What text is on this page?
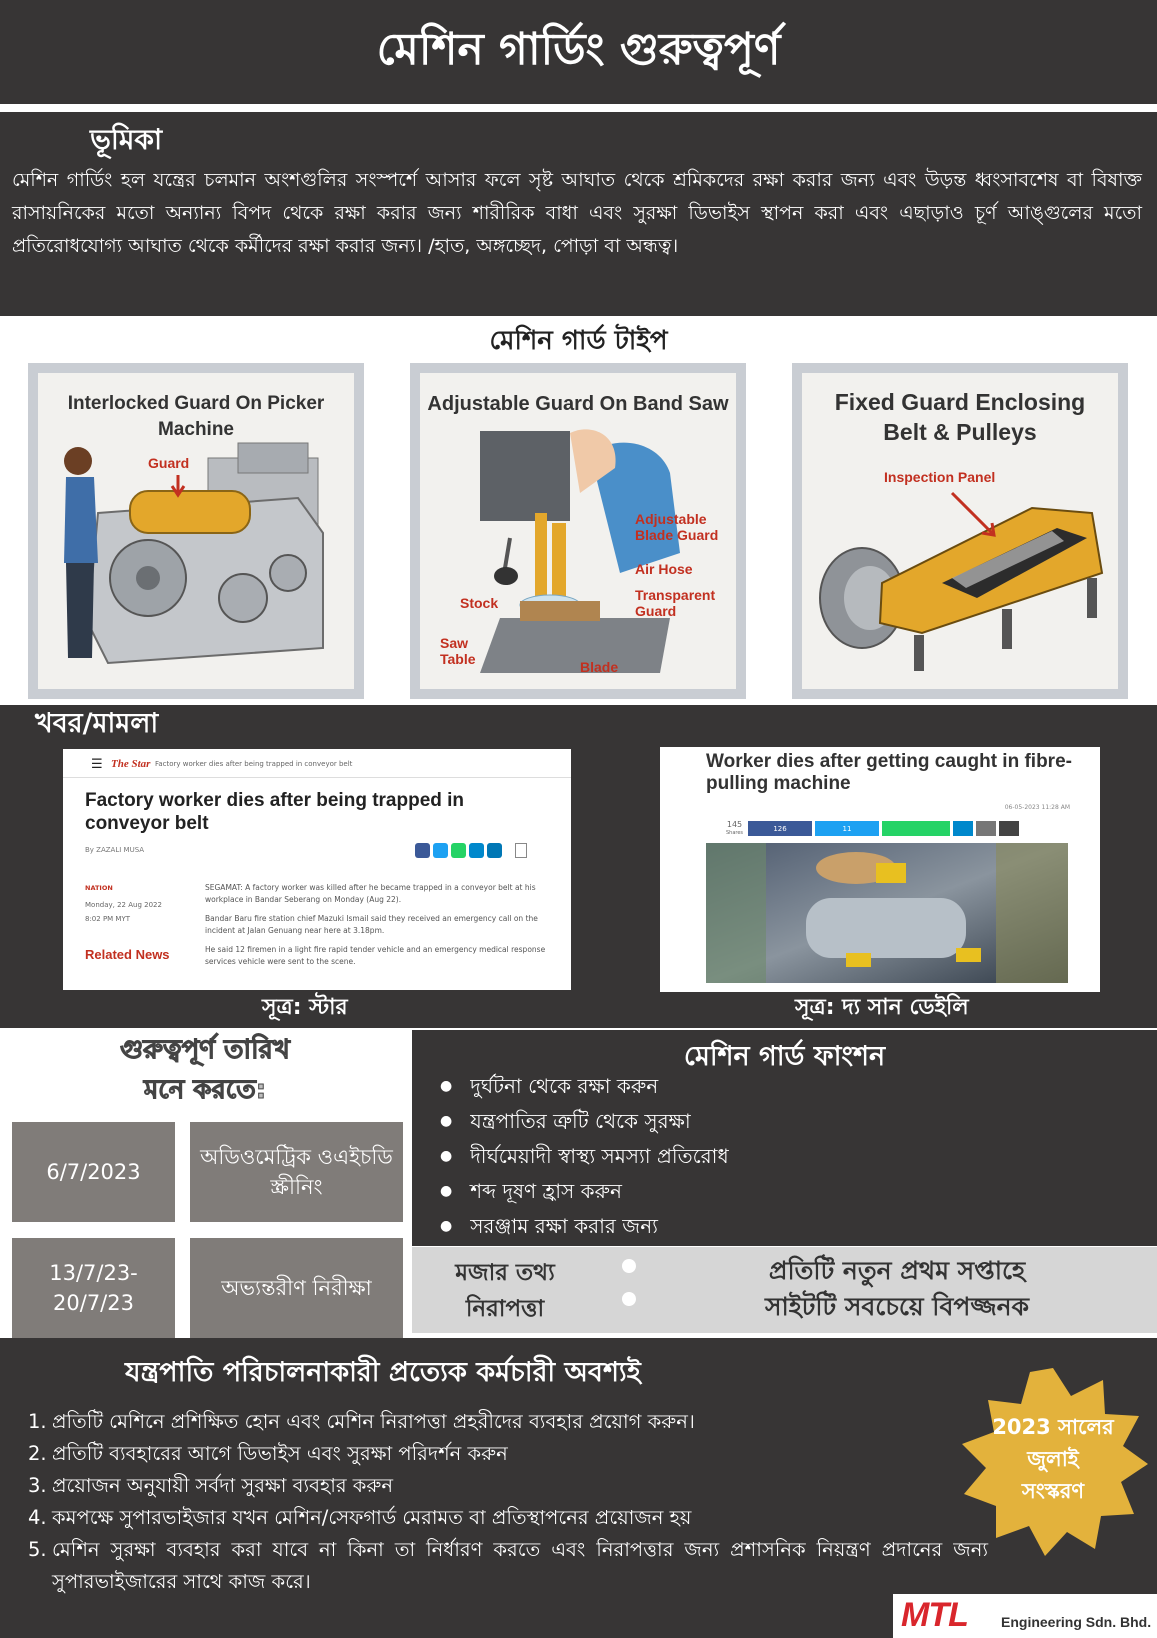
মেশিন গার্ডিং গুরুত্বপূর্ণ
ভূমিকা

মেশিন গার্ডিং হল যন্ত্রের চলমান অংশগুলির সংস্পর্শে আসার ফলে সৃষ্ট আঘাত থেকে শ্রমিকদের রক্ষা করার জন্য এবং উড়ন্ত ধ্বংসাবশেষ বা বিষাক্ত রাসায়নিকের মতো অন্যান্য বিপদ থেকে রক্ষা করার জন্য শারীরিক বাধা এবং সুরক্ষা ডিভাইস স্থাপন করা এবং এছাড়াও চূর্ণ আঙ্গুলের মতো প্রতিরোধযোগ্য আঘাত থেকে কর্মীদের রক্ষা করার জন্য। /হাত, অঙ্গচ্ছেদ, পোড়া বা অন্ধত্ব।

মেশিন গার্ড টাইপ
Interlocked Guard On Picker Machine
Guard
Adjustable Guard On Band Saw
Adjustable Blade Guard
Air Hose
Transparent Guard
Stock
Saw Table	Blade
Fixed Guard Enclosing Belt & Pulleys
Inspection Panel
খবর/মামলা
☰ The Star Factory worker dies after being trapped in conveyor belt
Factory worker dies after being trapped in conveyor belt
By ZAZALI MUSA
NATION
Monday, 22 Aug 2022
8:02 PM MYT
Related News
SEGAMAT: A factory worker was killed after he became trapped in a conveyor belt at his workplace in Bandar Seberang on Monday (Aug 22).
Bandar Baru fire station chief Mazuki Ismail said they received an emergency call on the incident at Jalan Genuang near here at 3.18pm.
He said 12 firemen in a light fire rapid tender vehicle and an emergency medical response services vehicle were sent to the scene.
সূত্র: স্টার
Worker dies after getting caught in fibre-pulling machine
06-05-2023 11:28 AM
145
Shares
126	11
সূত্র: দ্য সান ডেইলি
গুরুত্বপূর্ণ তারিখ
মনে করতে:
6/7/2023
অডিওমেট্রিক ওএইচডি স্ক্রীনিং
13/7/23- 20/7/23
অভ্যন্তরীণ নিরীক্ষা
মেশিন গার্ড ফাংশন
● দুর্ঘটনা থেকে রক্ষা করুন
● যন্ত্রপাতির ত্রুটি থেকে সুরক্ষা
● দীর্ঘমেয়াদী স্বাস্থ্য সমস্যা প্রতিরোধ
● শব্দ দূষণ হ্রাস করুন
● সরঞ্জাম রক্ষা করার জন্য
মজার তথ্য
নিরাপত্তা
প্রতিটি নতুন প্রথম সপ্তাহে
সাইটটি সবচেয়ে বিপজ্জনক
যন্ত্রপাতি পরিচালনাকারী প্রত্যেক কর্মচারী অবশ্যই
1. প্রতিটি মেশিনে প্রশিক্ষিত হোন এবং মেশিন নিরাপত্তা প্রহরীদের ব্যবহার প্রয়োগ করুন।
2. প্রতিটি ব্যবহারের আগে ডিভাইস এবং সুরক্ষা পরিদর্শন করুন
3. প্রয়োজন অনুযায়ী সর্বদা সুরক্ষা ব্যবহার করুন
4. কমপক্ষে সুপারভাইজার যখন মেশিন/সেফগার্ড মেরামত বা প্রতিস্থাপনের প্রয়োজন হয়
5. মেশিন সুরক্ষা ব্যবহার করা যাবে না কিনা তা নির্ধারণ করতে এবং নিরাপত্তার জন্য প্রশাসনিক নিয়ন্ত্রণ প্রদানের জন্য সুপারভাইজারের সাথে কাজ করে।
2023 সালের
জুলাই
সংস্করণ
MTL Engineering Sdn. Bhd.
